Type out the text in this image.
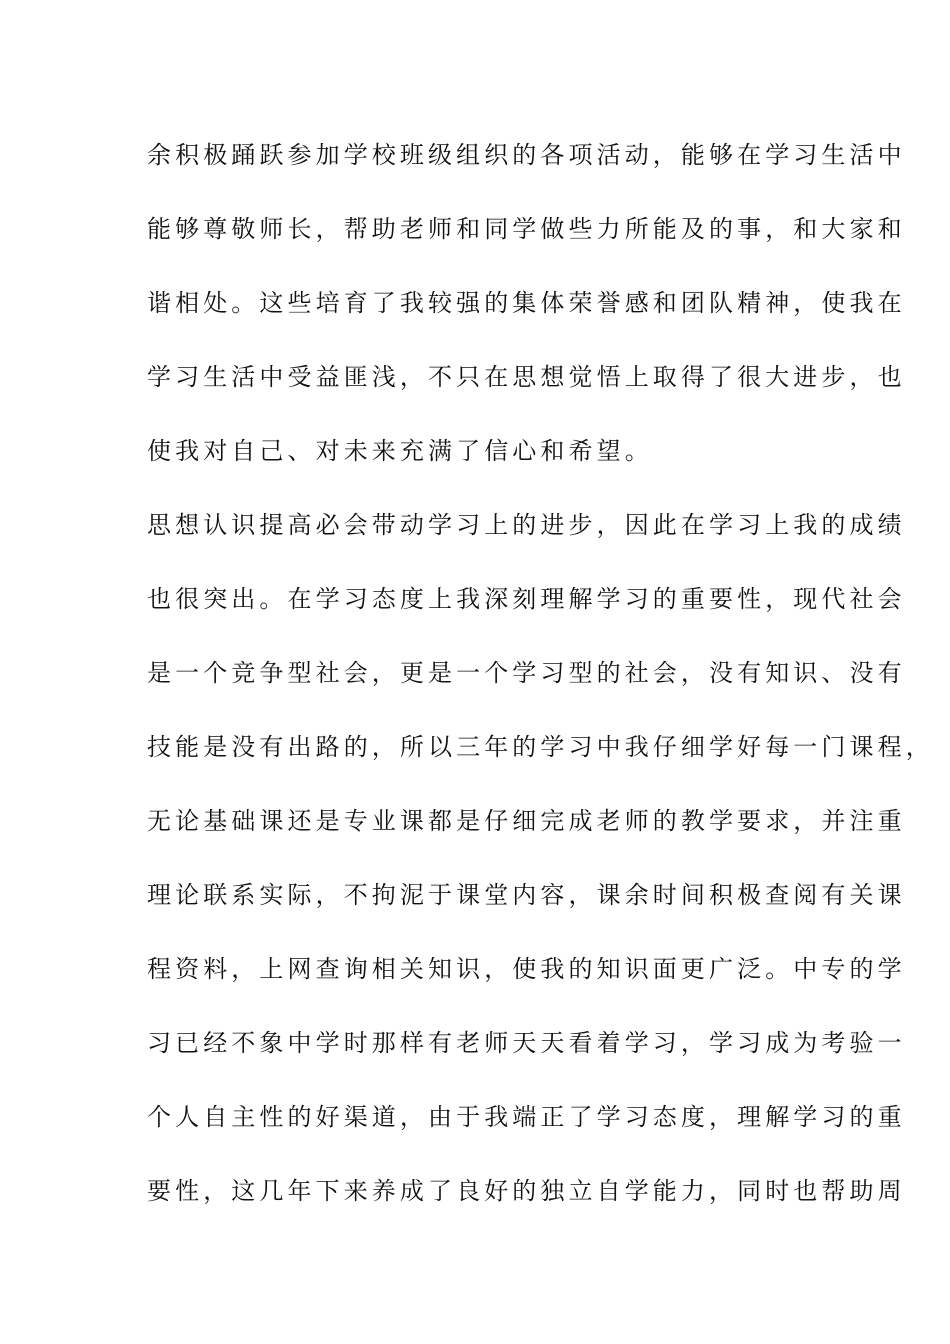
余积极踊跃参加学校班级组织的各项活动，能够在学习生活中
能够尊敬师长，帮助老师和同学做些力所能及的事，和大家和
谐相处。这些培育了我较强的集体荣誉感和团队精神，使我在
学习生活中受益匪浅，不只在思想觉悟上取得了很大进步，也
使我对自己、对未来充满了信心和希望。
思想认识提高必会带动学习上的进步，因此在学习上我的成绩
也很突出。在学习态度上我深刻理解学习的重要性，现代社会
是一个竞争型社会，更是一个学习型的社会，没有知识、没有
技能是没有出路的，所以三年的学习中我仔细学好每一门课程，
无论基础课还是专业课都是仔细完成老师的教学要求，并注重
理论联系实际，不拘泥于课堂内容，课余时间积极查阅有关课
程资料，上网查询相关知识，使我的知识面更广泛。中专的学
习已经不象中学时那样有老师天天看着学习，学习成为考验一
个人自主性的好渠道，由于我端正了学习态度，理解学习的重
要性，这几年下来养成了良好的独立自学能力，同时也帮助周
